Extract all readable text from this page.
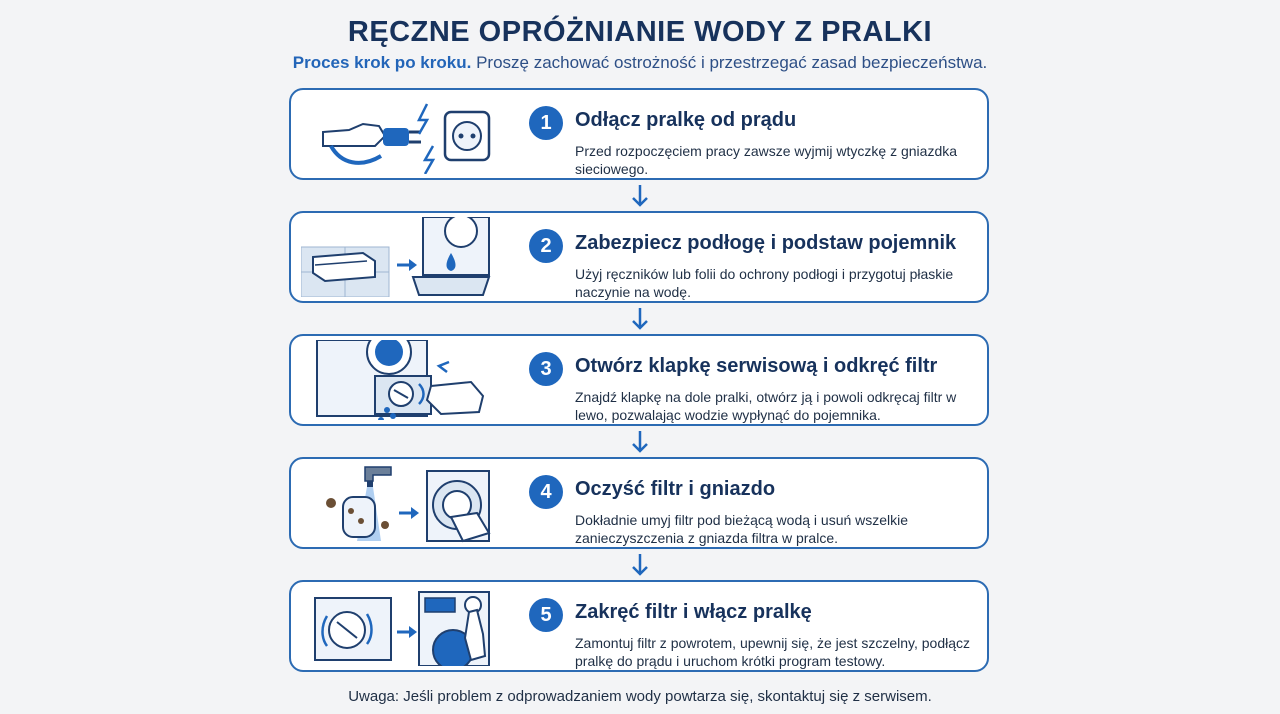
RĘCZNE OPRÓŻNIANIE WODY Z PRALKI
Proces krok po kroku. Proszę zachować ostrożność i przestrzegać zasad bezpieczeństwa.
1	Odłącz pralkę od prądu
Przed rozpoczęciem pracy zawsze wyjmij wtyczkę z gniazdka sieciowego.
2	Zabezpiecz podłogę i podstaw pojemnik
Użyj ręczników lub folii do ochrony podłogi i przygotuj płaskie naczynie na wodę.
3	Otwórz klapkę serwisową i odkręć filtr
Znajdź klapkę na dole pralki, otwórz ją i powoli odkręcaj filtr w lewo, pozwalając wodzie wypłynąć do pojemnika.
4	Oczyść filtr i gniazdo
Dokładnie umyj filtr pod bieżącą wodą i usuń wszelkie zanieczyszczenia z gniazda filtra w pralce.
5	Zakręć filtr i włącz pralkę
Zamontuj filtr z powrotem, upewnij się, że jest szczelny, podłącz pralkę do prądu i uruchom krótki program testowy.
Uwaga: Jeśli problem z odprowadzaniem wody powtarza się, skontaktuj się z serwisem.
